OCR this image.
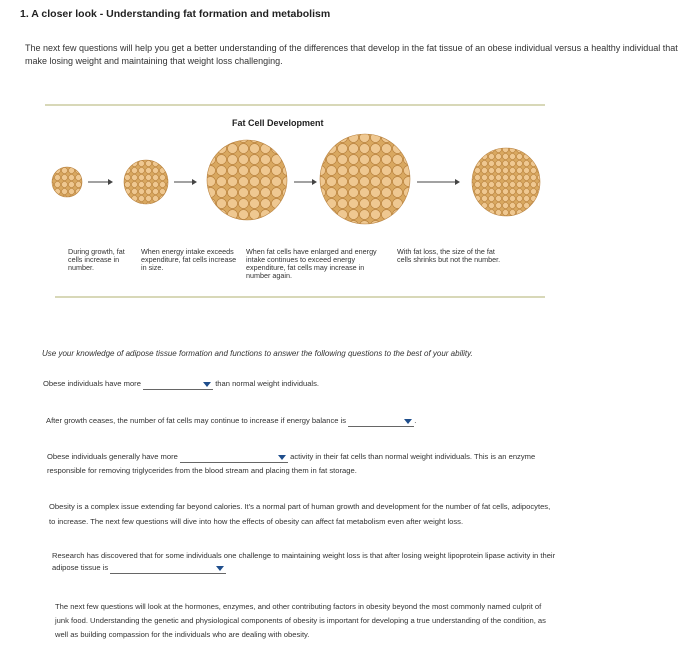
1. A closer look - Understanding fat formation and metabolism
The next few questions will help you get a better understanding of the differences that develop in the fat tissue of an obese individual versus a healthy individual that make losing weight and maintaining that weight loss challenging.
Fat Cell Development
During growth, fat cells increase in number.
When energy intake exceeds expenditure, fat cells increase in size.
When fat cells have enlarged and energy intake continues to exceed energy expenditure, fat cells may increase in number again.
With fat loss, the size of the fat cells shrinks but not the number.
Use your knowledge of adipose tissue formation and functions to answer the following questions to the best of your ability.
Obese individuals have more	than normal weight individuals.
After growth ceases, the number of fat cells may continue to increase if energy balance is	.
Obese individuals generally have more	activity in their fat cells than normal weight individuals. This is an enzyme
responsible for removing triglycerides from the blood stream and placing them in fat storage.
Obesity is a complex issue extending far beyond calories. It's a normal part of human growth and development for the number of fat cells, adipocytes,
to increase. The next few questions will dive into how the effects of obesity can affect fat metabolism even after weight loss.
Research has discovered that for some individuals one challenge to maintaining weight loss is that after losing weight lipoprotein lipase activity in their
adipose tissue is
The next few questions will look at the hormones, enzymes, and other contributing factors in obesity beyond the most commonly named culprit of
junk food. Understanding the genetic and physiological components of obesity is important for developing a true understanding of the condition, as
well as building compassion for the individuals who are dealing with obesity.
